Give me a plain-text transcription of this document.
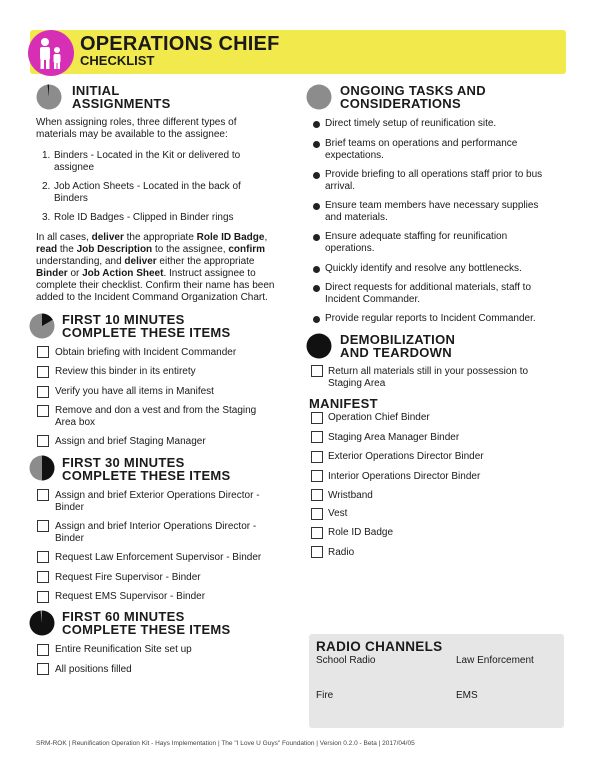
OPERATIONS CHIEF
CHECKLIST
INITIAL
ASSIGNMENTS
When assigning roles, three different types of
materials may be available to the assignee:
1. Binders - Located in the Kit or delivered to
assignee
2. Job Action Sheets - Located in the back of
Binders
3. Role ID Badges - Clipped in Binder rings
In all cases, deliver the appropriate Role ID Badge,
read the Job Description to the assignee, confirm
understanding, and deliver either the appropriate
Binder or Job Action Sheet. Instruct assignee to
complete their checklist. Confirm their name has been
added to the Incident Command Organization Chart.
FIRST 10 MINUTES
COMPLETE THESE ITEMS
Obtain briefing with Incident Commander
Review this binder in its entirety
Verify you have all items in Manifest
Remove and don a vest and from the Staging
Area box
Assign and brief Staging Manager
FIRST 30 MINUTES
COMPLETE THESE ITEMS
Assign and brief Exterior Operations Director -
Binder
Assign and brief Interior Operations Director -
Binder
Request Law Enforcement Supervisor - Binder
Request Fire Supervisor - Binder
Request EMS Supervisor - Binder
FIRST 60 MINUTES
COMPLETE THESE ITEMS
Entire Reunification Site set up
All positions filled
ONGOING TASKS AND
CONSIDERATIONS
Direct timely setup of reunification site.
Brief teams on operations and performance
expectations.
Provide briefing to all operations staff prior to bus
arrival.
Ensure team members have necessary supplies
and materials.
Ensure adequate staffing for reunification
operations.
Quickly identify and resolve any bottlenecks.
Direct requests for additional materials, staff to
Incident Commander.
Provide regular reports to Incident Commander.
DEMOBILIZATION
AND TEARDOWN
Return all materials still in your possession to
Staging Area
MANIFEST
Operation Chief Binder
Staging Area Manager Binder
Exterior Operations Director Binder
Interior Operations Director Binder
Wristband
Vest
Role ID Badge
Radio
RADIO CHANNELS
School Radio	Law Enforcement
Fire	EMS
SRM-ROK | Reunification Operation Kit - Hays Implementation | The "I Love U Guys" Foundation | Version 0.2.0 - Beta | 2017/04/05
